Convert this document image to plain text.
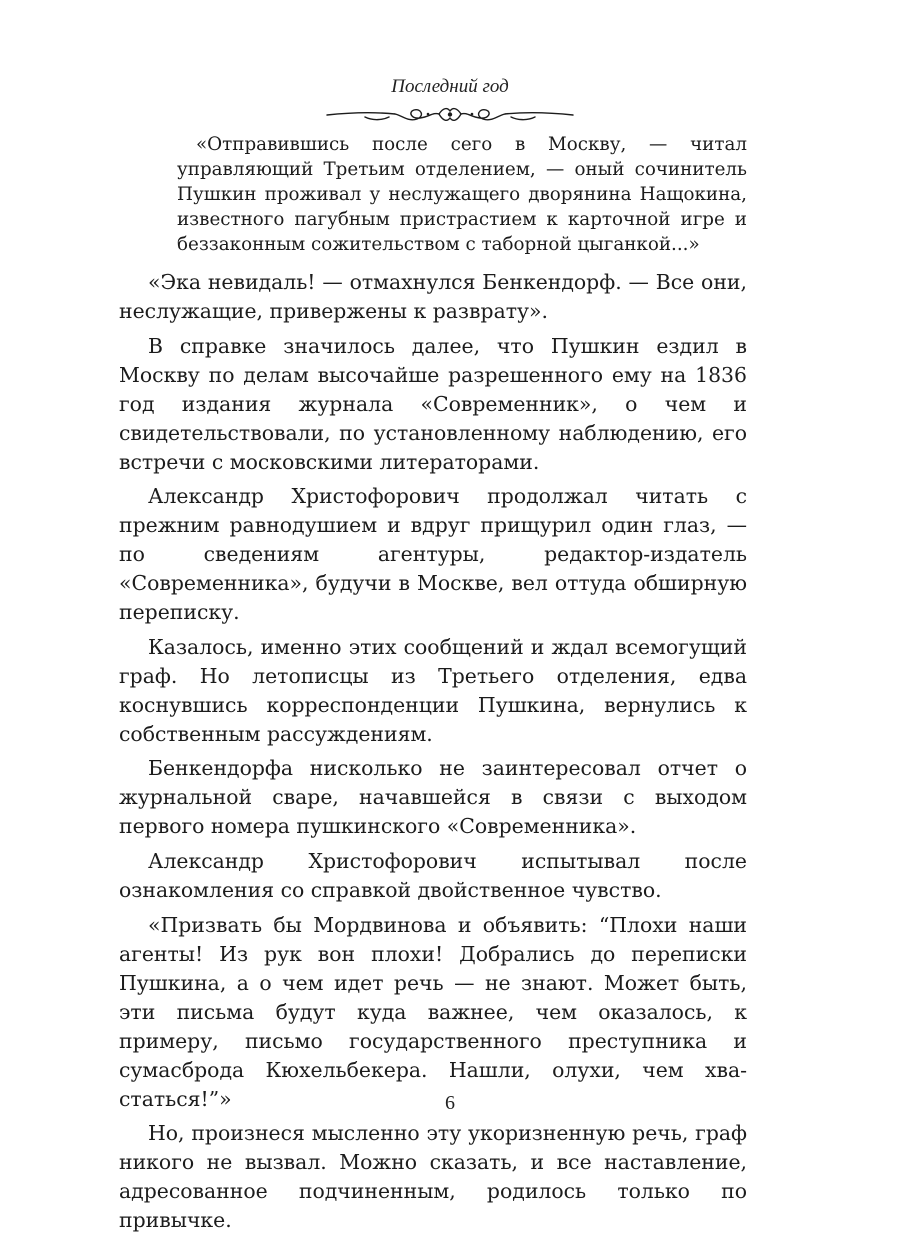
Последний год

«Отправившись после сего в Москву, — читал управляющий Третьим отделением, — оный сочинитель Пушкин проживал у неслужащего дворянина Нащокина, известного пагубным пристрастием к карточной игре и беззаконным сожительством с таборной цыганкой...»

«Эка невидаль! — отмахнулся Бенкендорф. — Все они, неслужащие, привержены к разврату».

В справке значилось далее, что Пушкин ездил в Москву по делам высочайше разрешенного ему на 1836 год издания журнала «Современник», о чем и свидетельствовали, по установленному наблюдению, его встречи с московскими литераторами.

Александр Христофорович продолжал читать с прежним равнодушием и вдруг прищурил один глаз, — по сведениям агентуры, редактор-издатель «Современника», будучи в Москве, вел оттуда обширную переписку.

Казалось, именно этих сообщений и ждал всемогущий граф. Но летописцы из Третьего отделения, едва коснувшись корреспонденции Пушкина, вернулись к собственным рассуждениям.

Бенкендорфа нисколько не заинтересовал отчет о журнальной сваре, начавшейся в связи с выходом первого номера пушкинского «Современника».

Александр Христофорович испытывал после ознакомления со справкой двойственное чувство.

«Призвать бы Мордвинова и объявить: “Плохи наши агенты! Из рук вон плохи! Добрались до переписки Пушкина, а о чем идет речь — не знают. Может быть, эти письма будут куда важнее, чем оказалось, к примеру, письмо государственного преступника и сумасброда Кюхельбекера. Нашли, олухи, чем хвастаться!”»

Но, произнеся мысленно эту укоризненную речь, граф никого не вызвал. Можно сказать, и все наставление, адресованное подчиненным, родилось только по привычке.

6
